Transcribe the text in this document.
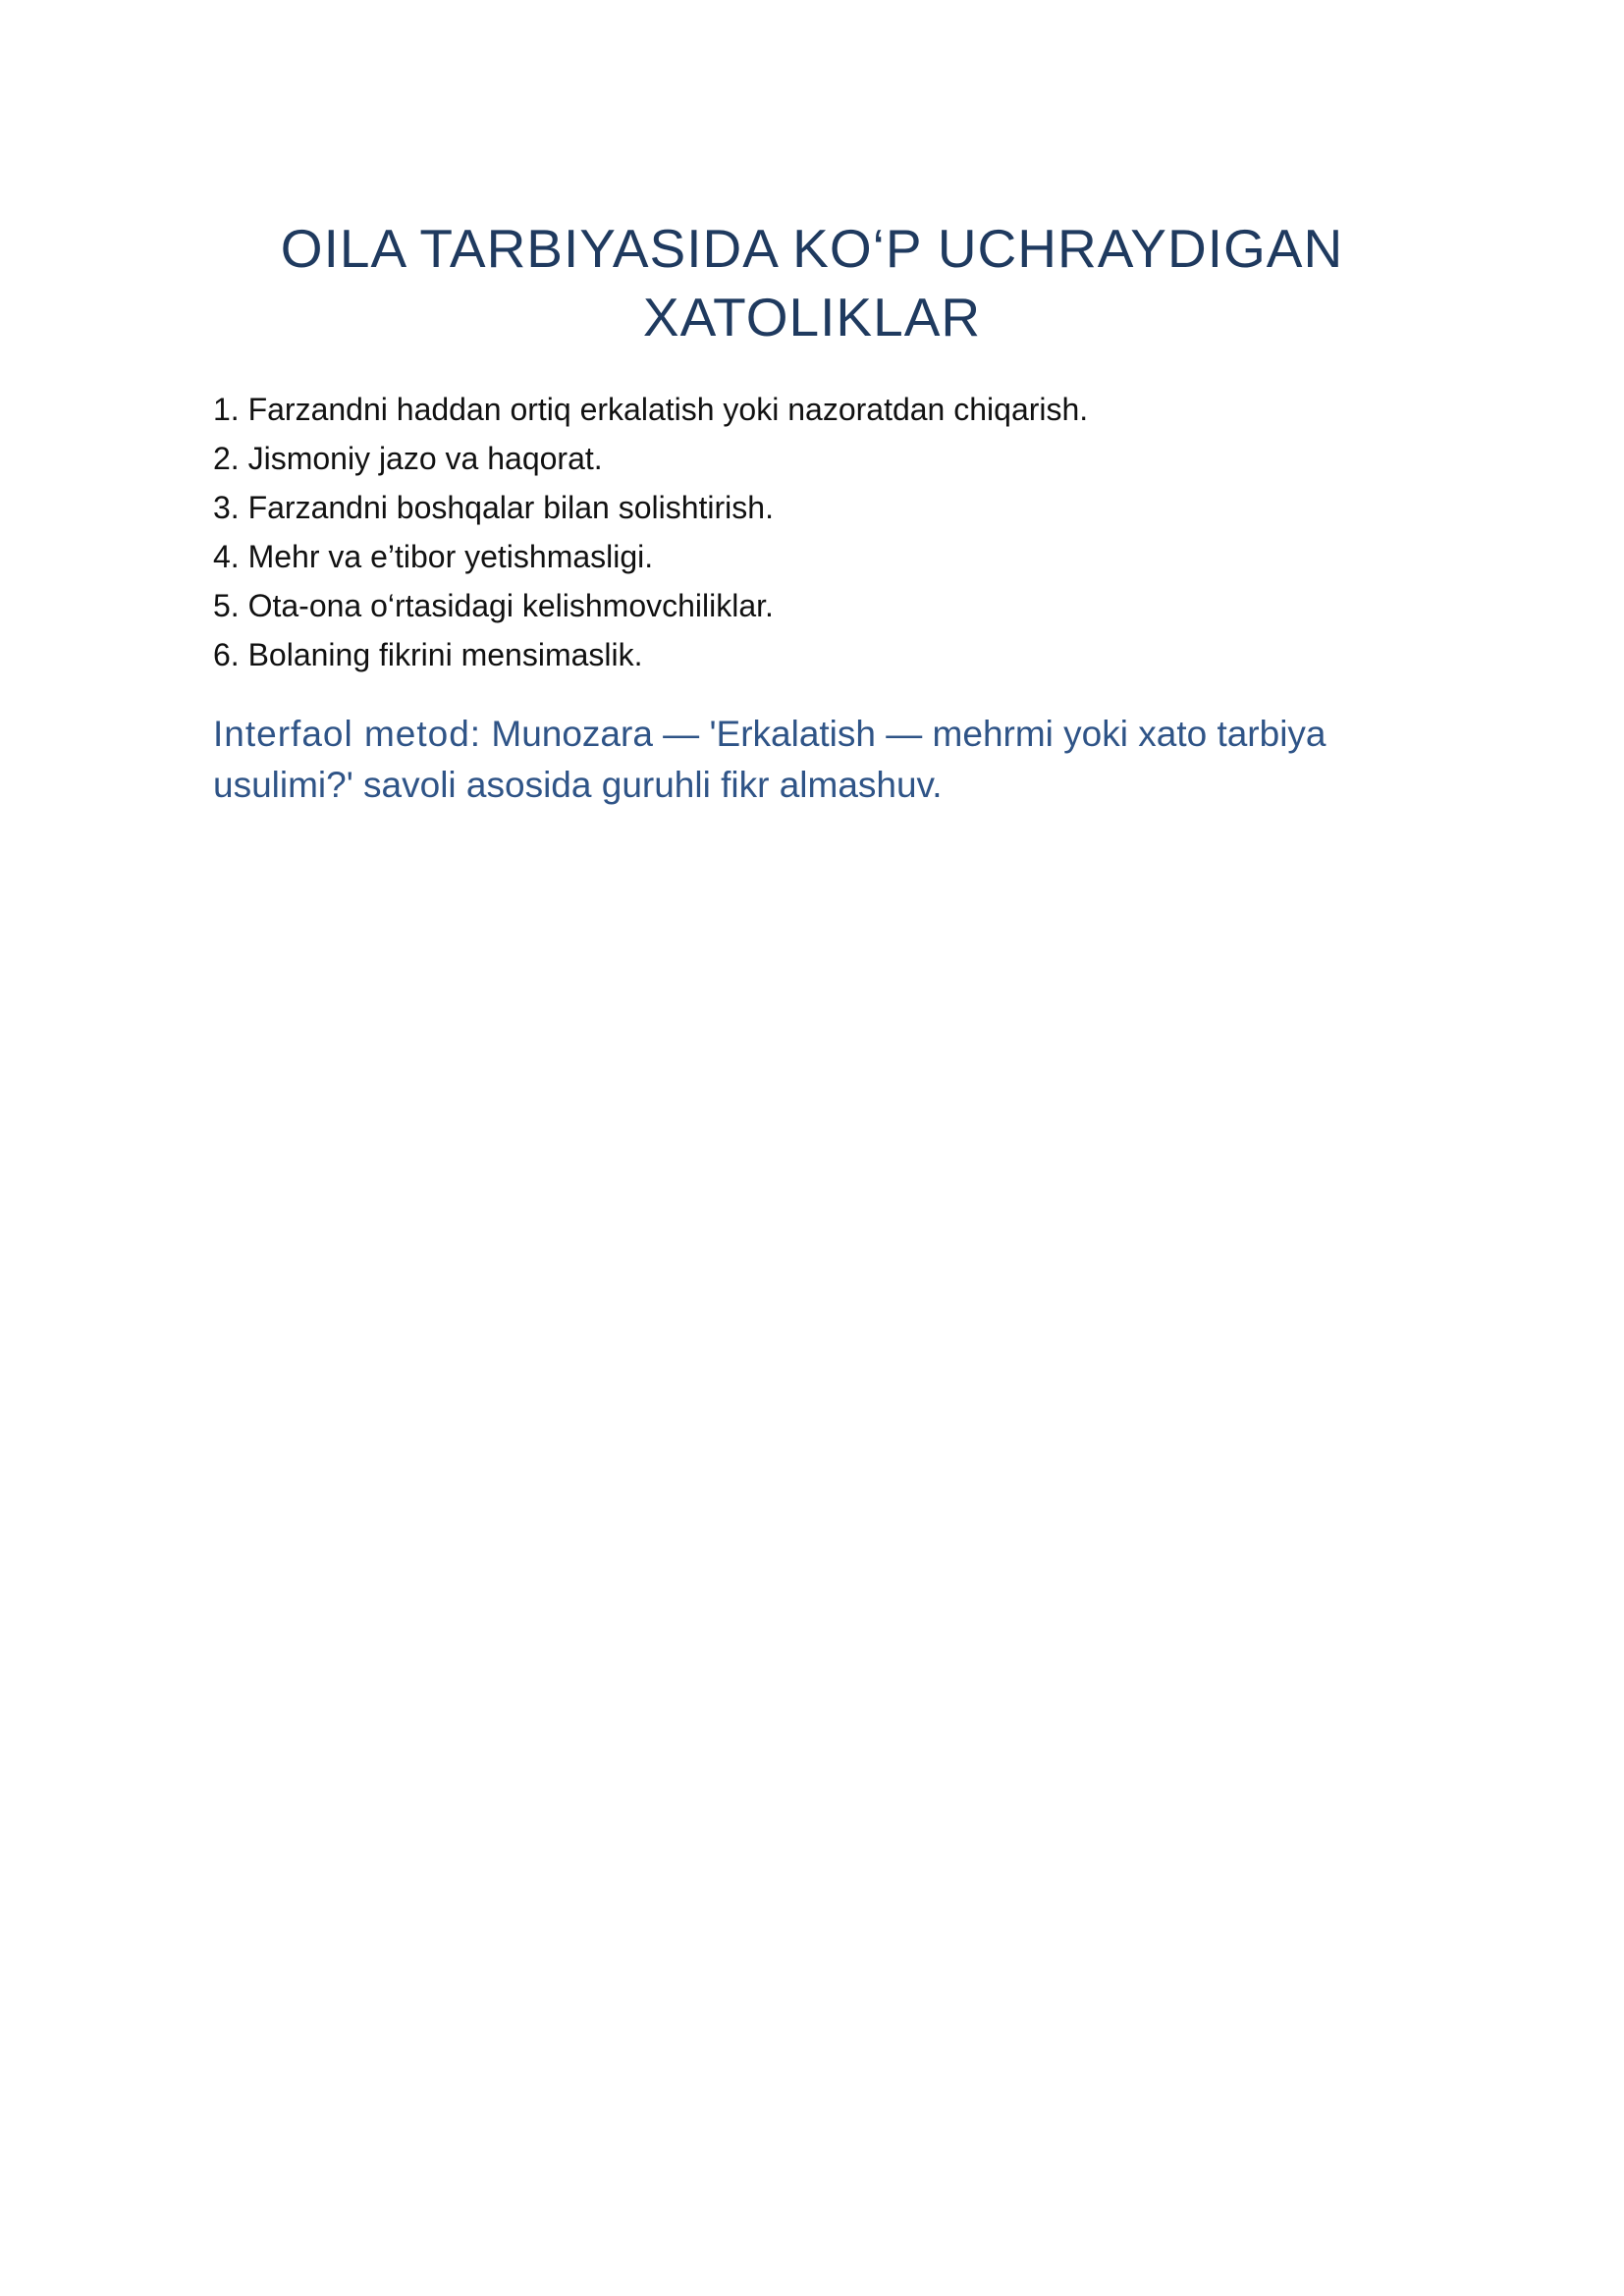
OILA TARBIYASIDA KO‘P UCHRAYDIGAN
XATOLIKLAR
1. Farzandni haddan ortiq erkalatish yoki nazoratdan chiqarish.
2. Jismoniy jazo va haqorat.
3. Farzandni boshqalar bilan solishtirish.
4. Mehr va e’tibor yetishmasligi.
5. Ota-ona o‘rtasidagi kelishmovchiliklar.
6. Bolaning fikrini mensimaslik.

Interfaol metod: Munozara — 'Erkalatish — mehrmi yoki xato tarbiya usulimi?' savoli asosida guruhli fikr almashuv.
